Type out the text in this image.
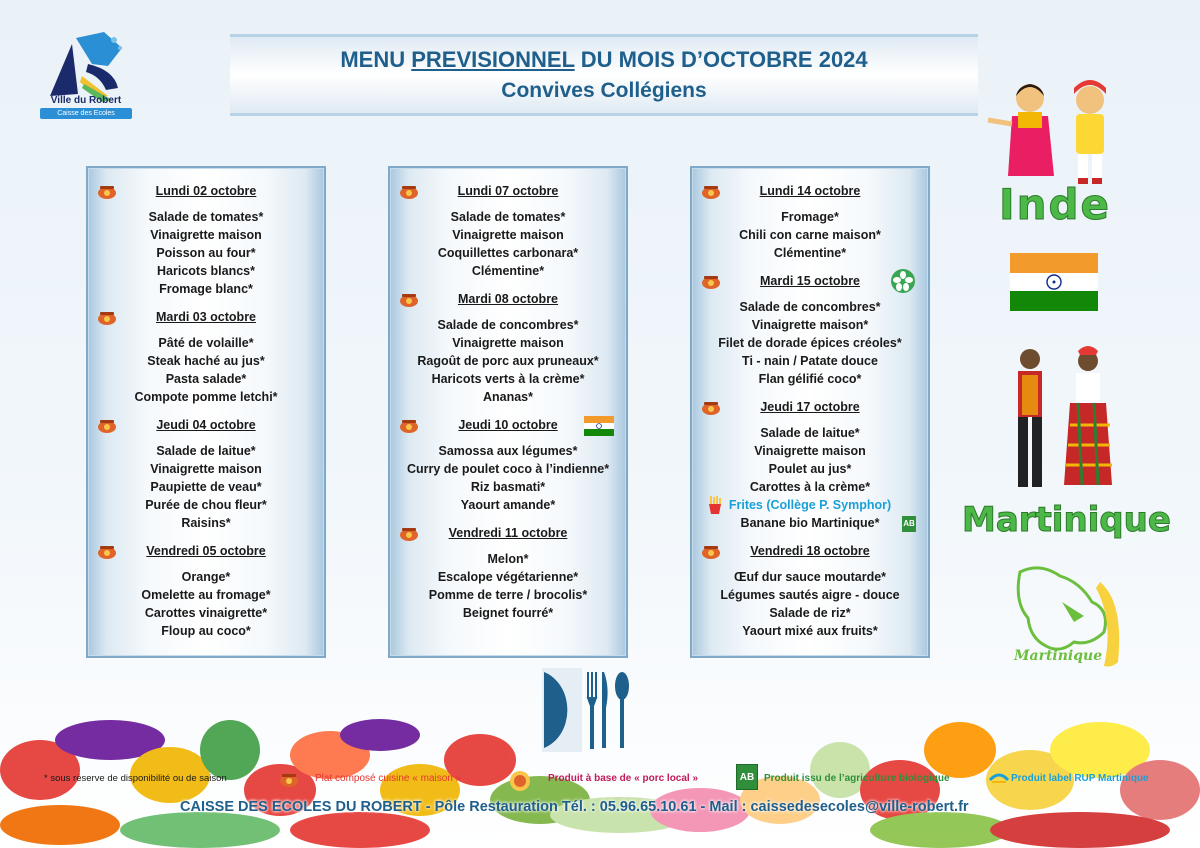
Ville du Robert
Caisse des Ecoles
MENU PREVISIONNEL DU MOIS D’OCTOBRE 2024
Convives Collégiens
Lundi 02 octobre
Salade de tomates*
Vinaigrette maison
Poisson au four*
Haricots blancs*
Fromage blanc*
Mardi 03 octobre
Pâté de volaille*
Steak haché au jus*
Pasta salade*
Compote pomme letchi*
Jeudi 04 octobre
Salade de laitue*
Vinaigrette maison
Paupiette de veau*
Purée de chou fleur*
Raisins*
Vendredi 05 octobre
Orange*
Omelette au fromage*
Carottes vinaigrette*
Floup au coco*
Lundi 07 octobre
Salade de tomates*
Vinaigrette maison
Coquillettes carbonara*
Clémentine*
Mardi 08 octobre
Salade de concombres*
Vinaigrette maison
Ragoût de porc aux pruneaux*
Haricots verts à la crème*
Ananas*
Jeudi 10 octobre
Samossa aux légumes*
Curry de poulet coco à l’indienne*
Riz basmati*
Yaourt amande*
Vendredi 11 octobre
Melon*
Escalope végétarienne*
Pomme de terre / brocolis*
Beignet fourré*
Lundi 14 octobre
Fromage*
Chili con carne maison*
Clémentine*
Mardi 15 octobre
Salade de concombres*
Vinaigrette maison*
Filet de dorade épices créoles*
Ti - nain / Patate douce
Flan gélifié coco*
Jeudi 17 octobre
Salade de laitue*
Vinaigrette maison
Poulet au jus*
Carottes à la crème*
Frites (Collège P. Symphor)
Banane bio Martinique*	AB
Vendredi 18 octobre
Œuf dur sauce moutarde*
Légumes sautés aigre - douce
Salade de riz*
Yaourt mixé aux fruits*
Inde
Martinique
Martinique
* sous réserve de disponibilité ou de saison	Plat composé cuisine « maison »	Produit à base de « porc local »	AB Produit issu de l’agriculture biologique	Produit label RUP Martinique
CAISSE DES ECOLES DU ROBERT - Pôle Restauration Tél. : 05.96.65.10.61 - Mail : caissedesecoles@ville-robert.fr
